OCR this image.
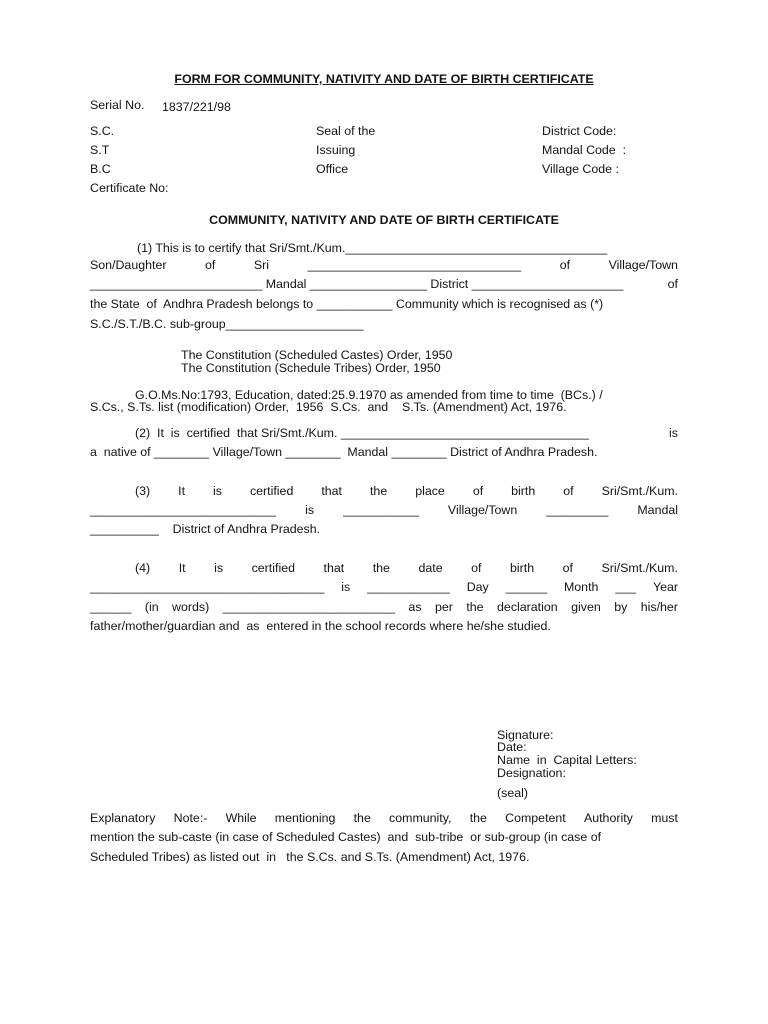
FORM FOR COMMUNITY, NATIVITY AND DATE OF BIRTH CERTIFICATE
Serial No. 1837/221/98
S.C.
S.T
B.C
Certificate No:
Seal of the
Issuing
Office
District Code:
Mandal Code  :
Village Code :
COMMUNITY, NATIVITY AND DATE OF BIRTH CERTIFICATE
(1) This is to certify that Sri/Smt./Kum.______________________________________
Son/Daughter	of	Sri	_______________________________	of	Village/Town
_________________________ Mandal _________________ District ______________________	of
the State  of  Andhra Pradesh belongs to ___________ Community which is recognised as (*)
S.C./S.T./B.C. sub-group____________________
The Constitution (Scheduled Castes) Order, 1950
The Constitution (Schedule Tribes) Order, 1950
G.O.Ms.No:1793, Education, dated:25.9.1970 as amended from time to time  (BCs.) /
S.Cs., S.Ts. list (modification) Order,  1956  S.Cs.  and    S.Ts. (Amendment) Act, 1976.
(2)  It  is  certified  that Sri/Smt./Kum. ____________________________________	is
a  native of ________ Village/Town ________  Mandal ________ District of Andhra Pradesh.
(3) It is certified that the place of birth of Sri/Smt./Kum.
___________________________ is ___________ Village/Town _________ Mandal
__________    District of Andhra Pradesh.
(4) It is certified that the date of birth of Sri/Smt./Kum.
__________________________________ is ____________ Day ______ Month ___ Year
______ (in words) _________________________ as per the declaration given by his/her
father/mother/guardian and  as  entered in the school records where he/she studied.
Signature:
Date:
Name  in  Capital Letters:
Designation:
(seal)
Explanatory Note:- While mentioning the community, the Competent Authority must
mention the sub-caste (in case of Scheduled Castes)  and  sub-tribe  or sub-group (in case of
Scheduled Tribes) as listed out  in   the S.Cs. and S.Ts. (Amendment) Act, 1976.
